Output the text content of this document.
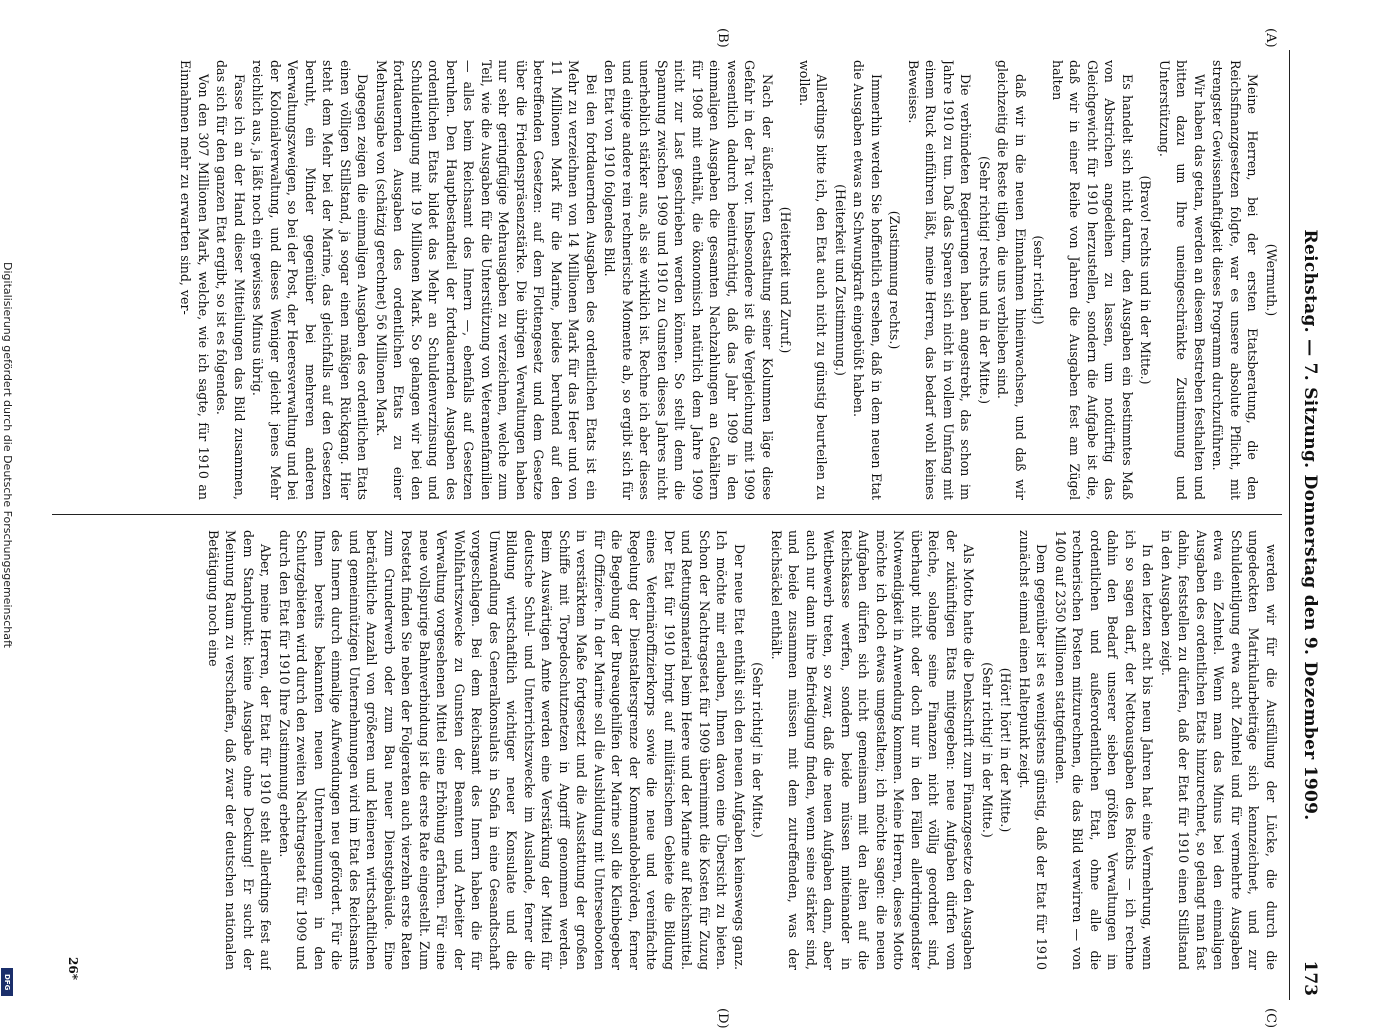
Digitalisierung gefördert durch die Deutsche Forschungsgemeinschaft
DFG
Reichstag. — 7. Sitzung. Donnerstag den 9. Dezember 1909.
173
(A)
(B)
(C)
(D)

(Wermuth.)

Meine Herren, bei der ersten Etatsberatung, die den Reichsfinanzgesetzen folgte, war es unsere absolute Pflicht, mit strengster Gewissenhaftigkeit dieses Programm durchzuführen.

Wir haben das getan, werden an diesem Bestreben festhalten und bitten dazu um Ihre uneingeschränkte Zustimmung und Unterstützung.

(Bravo! rechts und in der Mitte.)

Es handelt sich nicht darum, den Ausgaben ein bestimmtes Maß von Abstrichen angedeihen zu lassen, um notdürftig das Gleichgewicht für 1910 herzustellen, sondern die Aufgabe ist die, daß wir in einer Reihe von Jahren die Ausgaben fest am Zügel halten

(sehr richtig!)

daß wir in die neuen Einnahmen hineinwachsen, und daß wir gleichzeitig die Reste tilgen, die uns verblieben sind.

(Sehr richtig! rechts und in der Mitte.)

Die verbündeten Regierungen haben angestrebt, das schon im Jahre 1910 zu tun. Daß das Sparen sich nicht in vollem Umfang mit einem Ruck einführen läßt, meine Herren, das bedarf wohl keines Beweises.

(Zustimmung rechts.)

Immerhin werden Sie hoffentlich ersehen, daß in dem neuen Etat die Ausgaben etwas an Schwungkraft eingebüßt haben.

(Heiterkeit und Zustimmung.)

Allerdings bitte ich, den Etat auch nicht zu günstig beurteilen zu wollen.

(Heiterkeit und Zuruf.)

Nach der äußerlichen Gestaltung seiner Kolumnen läge diese Gefahr in der Tat vor. Insbesondere ist die Vergleichung mit 1909 wesentlich dadurch beeinträchtigt, daß das Jahr 1909 in den einmaligen Ausgaben die gesamten Nachzahlungen an Gehältern für 1908 mit enthält, die ökonomisch natürlich dem Jahre 1909 nicht zur Last geschrieben werden können. So stellt denn die Spannung zwischen 1909 und 1910 zu Gunsten dieses Jahres nicht unerheblich stärker aus, als sie wirklich ist. Rechne ich aber dieses und einige andere rein rechnerische Momente ab, so ergibt sich für den Etat von 1910 folgendes Bild.

Bei den fortdauernden Ausgaben des ordentlichen Etats ist ein Mehr zu verzeichnen von 14 Millionen Mark für das Heer und von 11 Millionen Mark für die Marine, beides beruhend auf den betreffenden Gesetzen: auf dem Flottengesetz und dem Gesetze über die Friedenspräsenzstärke. Die übrigen Verwaltungen haben nur sehr geringfügige Mehrausgaben zu verzeichnen, welche zum Teil, wie die Ausgaben für die Unterstützung von Veteranenfamilien — alles beim Reichsamt des Innern —, ebenfalls auf Gesetzen beruhen. Den Hauptbestandteil der fortdauernden Ausgaben des ordentlichen Etats bildet das Mehr an Schuldenverzinsung und Schuldentilgung mit 19 Millionen Mark. So gelangen wir bei den fortdauernden Ausgaben des ordentlichen Etats zu einer Mehrausgabe von (schätzig gerechnet) 56 Millionen Mark.

Dagegen zeigen die einmaligen Ausgaben des ordentlichen Etats einen völligen Stillstand, ja sogar einen mäßigen Rückgang. Hier steht dem Mehr bei der Marine, das gleichfalls auf den Gesetzen beruht, ein Minder gegenüber bei mehreren anderen Verwaltungszweigen, so bei der Post, der Heeresverwaltung und bei der Kolonialverwaltung, und dieses Weniger gleicht jenes Mehr reichlich aus, ja läßt noch ein gewisses Minus übrig.

Fasse ich an der Hand dieser Mitteilungen das Bild zusammen, das sich für den ganzen Etat ergibt, so ist es folgendes.

Von den 307 Millionen Mark, welche, wie ich sagte, für 1910 an Einnahmen mehr zu erwarten sind, ver-

werden wir für die Ausfüllung der Lücke, die durch die ungedeckten Matrikularbeiträge sich kennzeichnet, und zur Schuldentilgung etwa acht Zehntel und für vermehrte Ausgaben etwa ein Zehntel. Wenn man das Minus bei den einmaligen Ausgaben des ordentlichen Etats hinzurechnet, so gelangt man fast dahin, feststellen zu dürfen, daß der Etat für 1910 einen Stillstand in den Ausgaben zeigt.

In den letzten acht bis neun Jahren hat eine Vermehrung, wenn ich so sagen darf, der Nettoausgaben des Reichs — ich rechne dahin den Bedarf unserer sieben größten Verwaltungen im ordentlichen und außerordentlichen Etat, ohne alle die rechnerischen Posten mitzurechnen, die das Bild verwirren — von 1400 auf 2350 Millionen stattgefunden.

Dem gegenüber ist es wenigstens günstig, daß der Etat für 1910 zunächst einmal einen Haltepunkt zeigt.

(Hört! hört! in der Mitte.)

(Sehr richtig! in der Mitte.)

Als Motto hatte die Denkschrift zum Finanzgesetze den Ausgaben der zukünftigen Etats mitgegeben: neue Aufgaben dürfen vom Reiche, solange seine Finanzen nicht völlig geordnet sind, überhaupt nicht oder doch nur in den Fällen allerdringendster Notwendigkeit in Anwendung kommen. Meine Herren, dieses Motto möchte ich doch etwas umgestalten; ich möchte sagen: die neuen Aufgaben dürfen sich nicht gemeinsam mit den alten auf die Reichskasse werfen, sondern beide müssen miteinander in Wettbewerb treten, so zwar, daß die neuen Aufgaben dann, aber auch nur dann ihre Befriedigung finden, wenn seine stärker sind, und beide zusammen müssen mit dem zutreffenden, was der Reichsäckel enthält.

(Sehr richtig! in der Mitte.)

Der neue Etat enthält sich den neuen Aufgaben keineswegs ganz. Ich möchte mir erlauben, Ihnen davon eine Übersicht zu bieten. Schon der Nachtragsetat für 1909 übernimmt die Kosten für Zuzug und Rettungsmaterial beim Heere und der Marine auf Reichsmittel. Der Etat für 1910 bringt auf militärischem Gebiete die Bildung eines Veterinäroffizierkorps sowie die neue und vereinfachte Regelung der Dienstaltersgrenze der Kommandobehörden, ferner die Begebung der Bureaugehilfen der Marine soll die Kleinbegeber für Offiziere. In der Marine soll die Ausbildung mit Unterseebooten in verstärktem Maße fortgesetzt und die Ausstattung der großen Schiffe mit Torpedoschutznetzen in Angriff genommen werden. Beim Auswärtigen Amte werden eine Verstärkung der Mittel für deutsche Schul- und Unterrichtszwecke im Auslande, ferner die Bildung wirtschaftlich wichtiger neuer Konsulate und die Umwandlung des Generalkonsulats in Sofia in eine Gesandtschaft vorgeschlagen. Bei dem Reichsamt des Innern haben die für Wohlfahrtszwecke zu Gunsten der Beamten und Arbeiter der Verwaltung vorgesehenen Mittel eine Erhöhung erfahren. Für eine neue vollspurige Bahnverbindung ist die erste Rate eingestellt. Zum Postetat finden Sie neben der Folgeraten auch vierzehn erste Raten zum Grunderwerb oder zum Bau neuer Dienstgebäude. Eine beträchtliche Anzahl von größeren und kleineren wirtschaftlichen und gemeinnützigen Unternehmungen wird im Etat des Reichsamts des Innern durch einmalige Aufwendungen neu gefördert. Für die Ihnen bereits bekannten neuen Unternehmungen in den Schutzgebieten wird durch den zweiten Nachtragsetat für 1909 und durch den Etat für 1910 Ihre Zustimmung erbeten.

Aber, meine Herren, der Etat für 1910 steht allerdings fest auf dem Standpunkt: keine Ausgabe ohne Deckung! Er sucht der Meinung Raum zu verschaffen, daß zwar der deutschen nationalen Betätigung noch eine

26*
